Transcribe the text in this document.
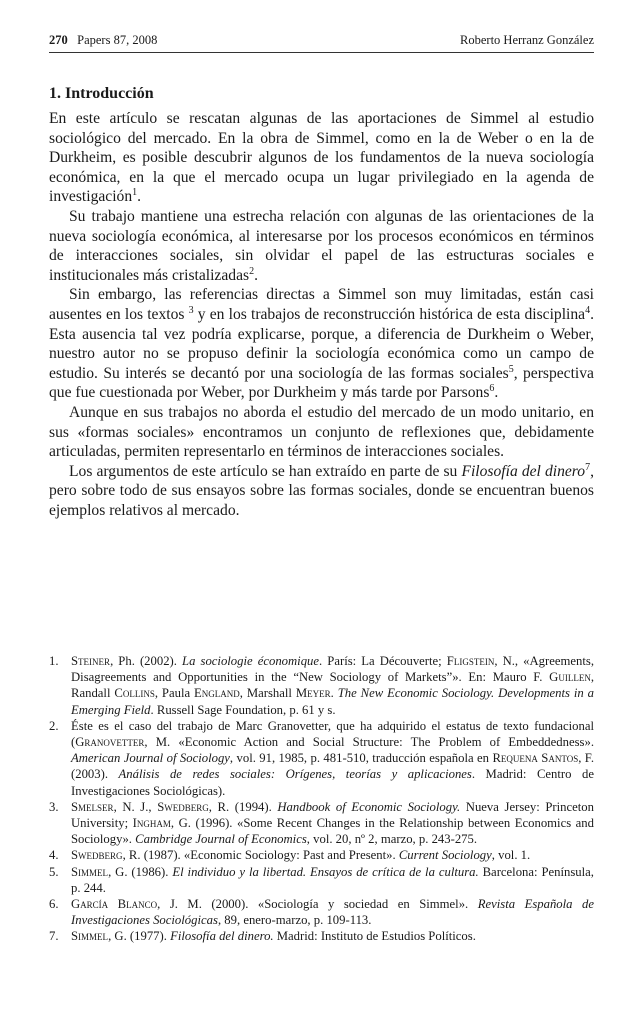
270 Papers 87, 2008	Roberto Herranz González
1. Introducción

En este artículo se rescatan algunas de las aportaciones de Simmel al estudio sociológico del mercado. En la obra de Simmel, como en la de Weber o en la de Durkheim, es posible descubrir algunos de los fundamentos de la nueva sociología económica, en la que el mercado ocupa un lugar privilegiado en la agenda de investigación$^1$.

Su trabajo mantiene una estrecha relación con algunas de las orientaciones de la nueva sociología económica, al interesarse por los procesos económicos en términos de interacciones sociales, sin olvidar el papel de las estructuras sociales e institucionales más cristalizadas$^2$.

Sin embargo, las referencias directas a Simmel son muy limitadas, están casi ausentes en los textos $^3$ y en los trabajos de reconstrucción histórica de esta disciplina$^4$. Esta ausencia tal vez podría explicarse, porque, a diferencia de Durkheim o Weber, nuestro autor no se propuso definir la sociología económica como un campo de estudio. Su interés se decantó por una sociología de las formas sociales$^5$, perspectiva que fue cuestionada por Weber, por Durkheim y más tarde por Parsons$^6$.

Aunque en sus trabajos no aborda el estudio del mercado de un modo unitario, en sus «formas sociales» encontramos un conjunto de reflexiones que, debidamente articuladas, permiten representarlo en términos de interacciones sociales.

Los argumentos de este artículo se han extraído en parte de su Filosofía del dinero$^7$, pero sobre todo de sus ensayos sobre las formas sociales, donde se encuentran buenos ejemplos relativos al mercado.

1. Steiner, Ph. (2002). La sociologie économique. París: La Découverte; Fligstein, N., «Agreements, Disagreements and Opportunities in the “New Sociology of Markets”». En: Mauro F. Guillen, Randall Collins, Paula England, Marshall Meyer. The New Economic Sociology. Developments in a Emerging Field. Russell Sage Foundation, p. 61 y s.
2. Éste es el caso del trabajo de Marc Granovetter, que ha adquirido el estatus de texto fundacional (Granovetter, M. «Economic Action and Social Structure: The Problem of Embeddedness». American Journal of Sociology, vol. 91, 1985, p. 481-510, traducción española en Requena Santos, F. (2003). Análisis de redes sociales: Orígenes, teorías y aplicaciones. Madrid: Centro de Investigaciones Sociológicas).
3. Smelser, N. J., Swedberg, R. (1994). Handbook of Economic Sociology. Nueva Jersey: Princeton University; Ingham, G. (1996). «Some Recent Changes in the Relationship between Economics and Sociology». Cambridge Journal of Economics, vol. 20, nº 2, marzo, p. 243-275.
4. Swedberg, R. (1987). «Economic Sociology: Past and Present». Current Sociology, vol. 1.
5. Simmel, G. (1986). El individuo y la libertad. Ensayos de crítica de la cultura. Barcelona: Península, p. 244.
6. García Blanco, J. M. (2000). «Sociología y sociedad en Simmel». Revista Española de Investigaciones Sociológicas, 89, enero-marzo, p. 109-113.
7. Simmel, G. (1977). Filosofía del dinero. Madrid: Instituto de Estudios Políticos.
